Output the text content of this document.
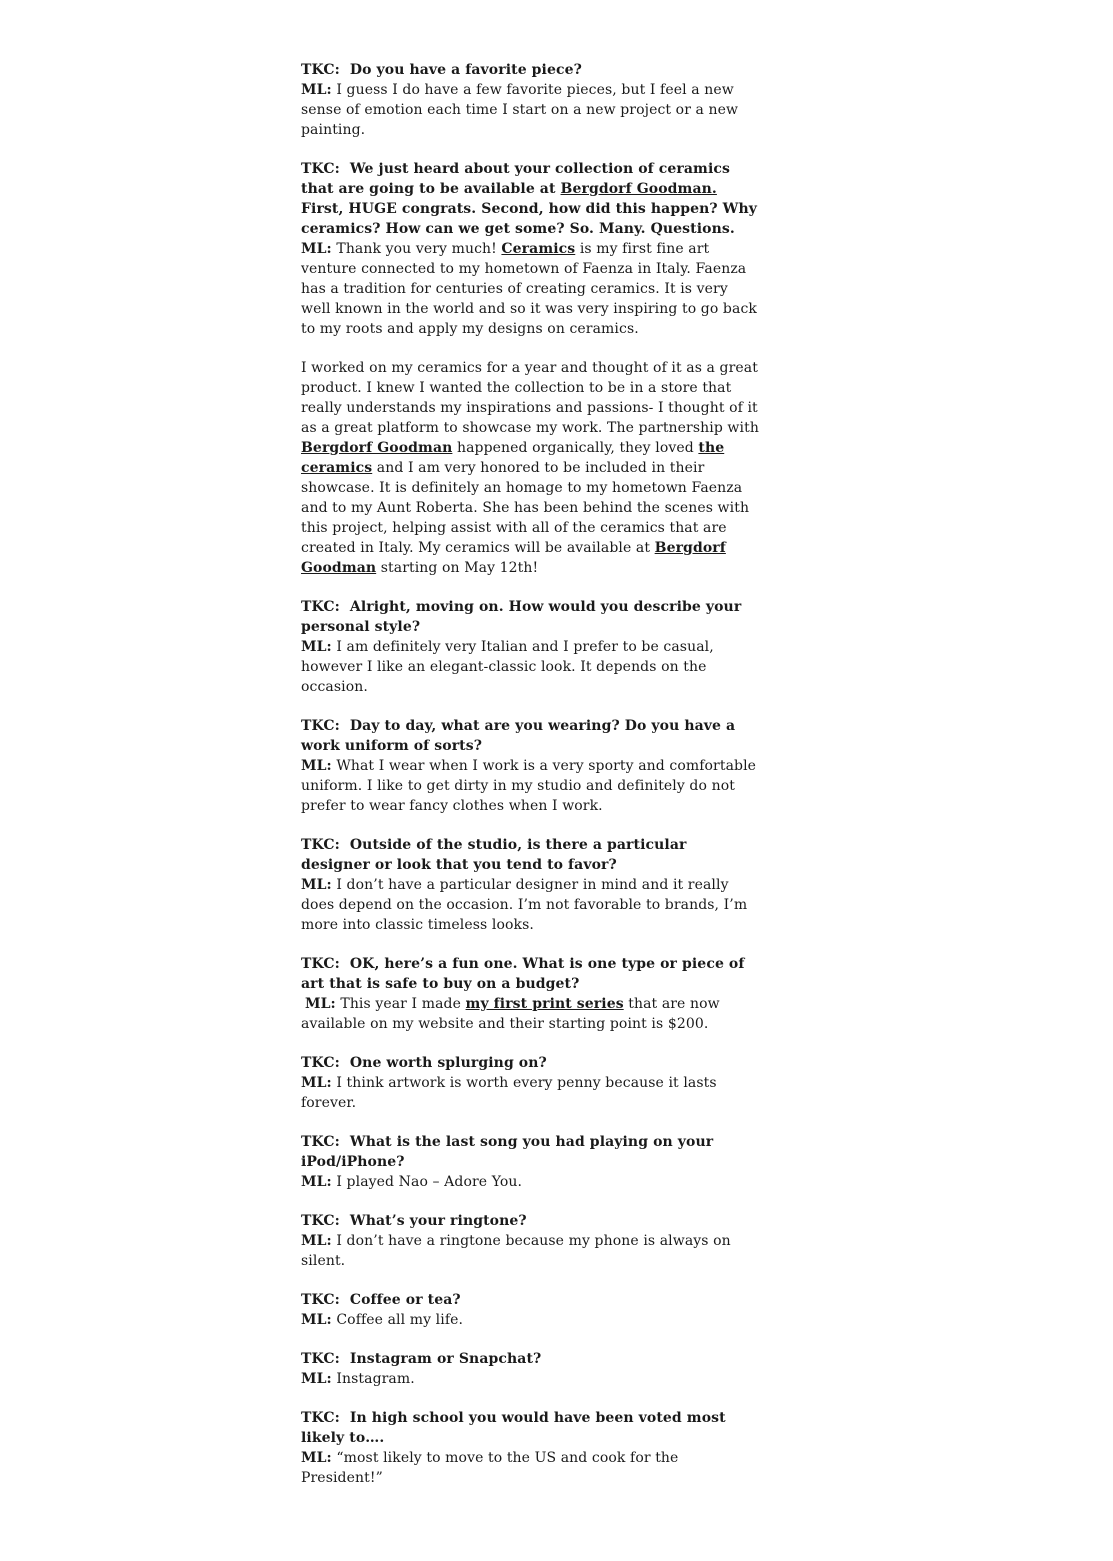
TKC: Do you have a favorite piece?
ML: I guess I do have a few favorite pieces, but I feel a new sense of emotion each time I start on a new project or a new painting.
TKC: We just heard about your collection of ceramics that are going to be available at Bergdorf Goodman. First, HUGE congrats. Second, how did this happen? Why ceramics? How can we get some? So. Many. Questions.
ML: Thank you very much! Ceramics is my first fine art venture connected to my hometown of Faenza in Italy. Faenza has a tradition for centuries of creating ceramics. It is very well known in the world and so it was very inspiring to go back to my roots and apply my designs on ceramics.
I worked on my ceramics for a year and thought of it as a great product. I knew I wanted the collection to be in a store that really understands my inspirations and passions- I thought of it as a great platform to showcase my work. The partnership with Bergdorf Goodman happened organically, they loved the ceramics and I am very honored to be included in their showcase. It is definitely an homage to my hometown Faenza and to my Aunt Roberta. She has been behind the scenes with this project, helping assist with all of the ceramics that are created in Italy. My ceramics will be available at Bergdorf Goodman starting on May 12th!
TKC: Alright, moving on. How would you describe your personal style?
ML: I am definitely very Italian and I prefer to be casual, however I like an elegant-classic look. It depends on the occasion.
TKC: Day to day, what are you wearing? Do you have a work uniform of sorts?
ML: What I wear when I work is a very sporty and comfortable uniform. I like to get dirty in my studio and definitely do not prefer to wear fancy clothes when I work.
TKC: Outside of the studio, is there a particular designer or look that you tend to favor?
ML: I don’t have a particular designer in mind and it really does depend on the occasion. I’m not favorable to brands, I’m more into classic timeless looks.
TKC: OK, here’s a fun one. What is one type or piece of art that is safe to buy on a budget?
ML: This year I made my first print series that are now available on my website and their starting point is $200.
TKC: One worth splurging on?
ML: I think artwork is worth every penny because it lasts forever.
TKC: What is the last song you had playing on your iPod/iPhone?
ML: I played Nao – Adore You.
TKC: What’s your ringtone?
ML: I don’t have a ringtone because my phone is always on silent.
TKC: Coffee or tea?
ML: Coffee all my life.
TKC: Instagram or Snapchat?
ML: Instagram.
TKC: In high school you would have been voted most likely to….
ML: “most likely to move to the US and cook for the President!”
